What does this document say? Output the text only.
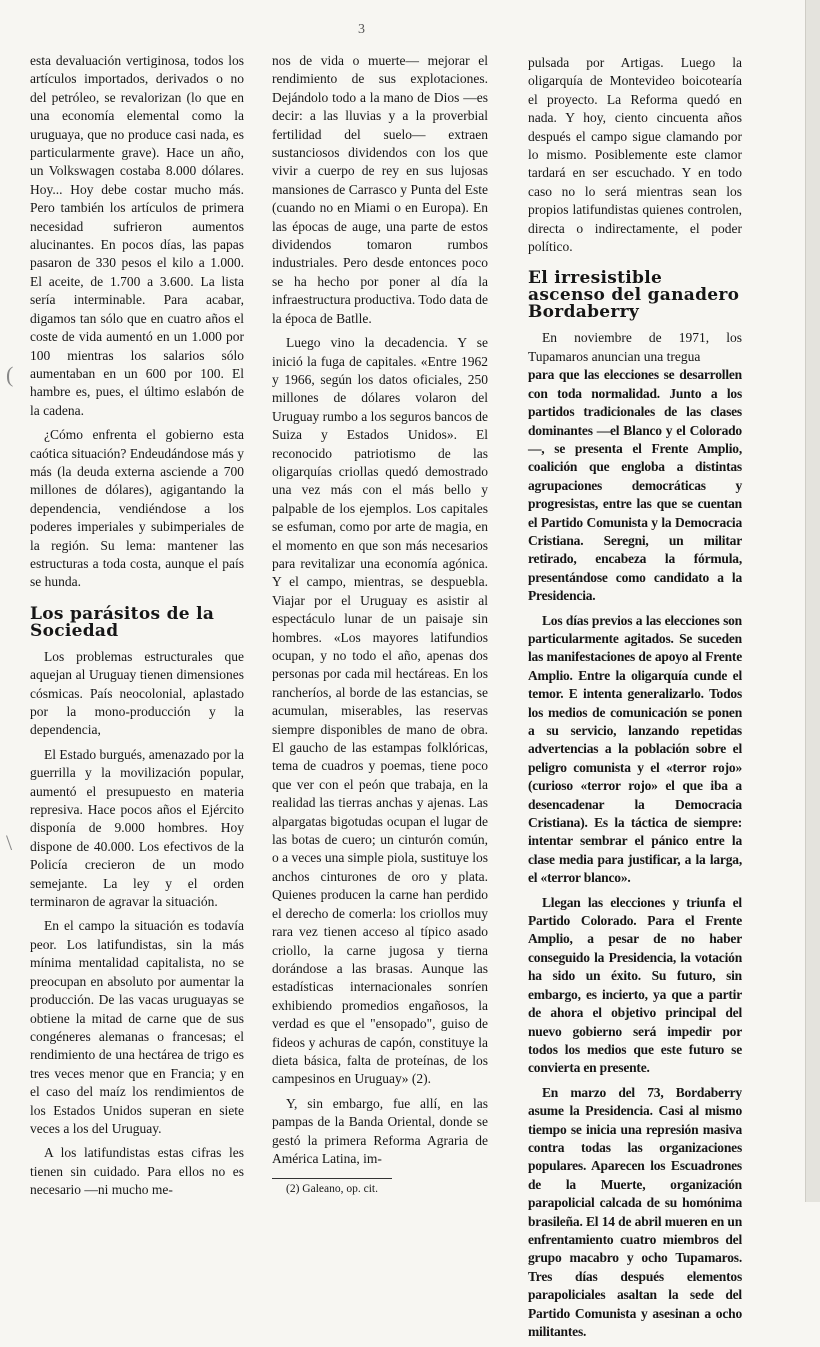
3
(
\

esta devaluación vertiginosa, todos los artículos importados, derivados o no del petróleo, se revalorizan (lo que en una economía elemental como la uruguaya, que no produce casi nada, es particularmente grave). Hace un año, un Volkswagen costaba 8.000 dólares. Hoy... Hoy debe costar mucho más. Pero también los artículos de primera necesidad sufrieron aumentos alucinantes. En pocos días, las papas pasaron de 330 pesos el kilo a 1.000. El aceite, de 1.700 a 3.600. La lista sería interminable. Para acabar, digamos tan sólo que en cuatro años el coste de vida aumentó en un 1.000 por 100 mientras los salarios sólo aumentaban en un 600 por 100. El hambre es, pues, el último eslabón de la cadena.

¿Cómo enfrenta el gobierno esta caótica situación? Endeudándose más y más (la deuda externa asciende a 700 millones de dólares), agigantando la dependencia, vendiéndose a los poderes imperiales y subimperiales de la región. Su lema: mantener las estructuras a toda costa, aunque el país se hunda.

Los parásitos de la Sociedad

Los problemas estructurales que aquejan al Uruguay tienen dimensiones cósmicas. País neocolonial, aplastado por la mono-producción y la dependencia,

El Estado burgués, amenazado por la guerrilla y la movilización popular, aumentó el presupuesto en materia represiva. Hace pocos años el Ejército disponía de 9.000 hombres. Hoy dispone de 40.000. Los efectivos de la Policía crecieron de un modo semejante. La ley y el orden terminaron de agravar la situación.

En el campo la situación es todavía peor. Los latifundistas, sin la más mínima mentalidad capitalista, no se preocupan en absoluto por aumentar la producción. De las vacas uruguayas se obtiene la mitad de carne que de sus congéneres alemanas o francesas; el rendimiento de una hectárea de trigo es tres veces menor que en Francia; y en el caso del maíz los rendimientos de los Estados Unidos superan en siete veces a los del Uruguay.

A los latifundistas estas cifras les tienen sin cuidado. Para ellos no es necesario —ni mucho me-

nos de vida o muerte— mejorar el rendimiento de sus explotaciones. Dejándolo todo a la mano de Dios —es decir: a las lluvias y a la proverbial fertilidad del suelo— extraen sustanciosos dividendos con los que vivir a cuerpo de rey en sus lujosas mansiones de Carrasco y Punta del Este (cuando no en Miami o en Europa). En las épocas de auge, una parte de estos dividendos tomaron rumbos industriales. Pero desde entonces poco se ha hecho por poner al día la infraestructura productiva. Todo data de la época de Batlle.

Luego vino la decadencia. Y se inició la fuga de capitales. «Entre 1962 y 1966, según los datos oficiales, 250 millones de dólares volaron del Uruguay rumbo a los seguros bancos de Suiza y Estados Unidos». El reconocido patriotismo de las oligarquías criollas quedó demostrado una vez más con el más bello y palpable de los ejemplos. Los capitales se esfuman, como por arte de magia, en el momento en que son más necesarios para revitalizar una economía agónica. Y el campo, mientras, se despuebla. Viajar por el Uruguay es asistir al espectáculo lunar de un paisaje sin hombres. «Los mayores latifundios ocupan, y no todo el año, apenas dos personas por cada mil hectáreas. En los rancheríos, al borde de las estancias, se acumulan, miserables, las reservas siempre disponibles de mano de obra. El gaucho de las estampas folklóricas, tema de cuadros y poemas, tiene poco que ver con el peón que trabaja, en la realidad las tierras anchas y ajenas. Las alpargatas bigotudas ocupan el lugar de las botas de cuero; un cinturón común, o a veces una simple piola, sustituye los anchos cinturones de oro y plata. Quienes producen la carne han perdido el derecho de comerla: los criollos muy rara vez tienen acceso al típico asado criollo, la carne jugosa y tierna dorándose a las brasas. Aunque las estadísticas internacionales sonríen exhibiendo promedios engañosos, la verdad es que el "ensopado", guiso de fideos y achuras de capón, constituye la dieta básica, falta de proteínas, de los campesinos en Uruguay» (2).

Y, sin embargo, fue allí, en las pampas de la Banda Oriental, donde se gestó la primera Reforma Agraria de América Latina, im-

(2) Galeano, op. cit.

pulsada por Artigas. Luego la oligarquía de Montevideo boicotearía el proyecto. La Reforma quedó en nada. Y hoy, ciento cincuenta años después el campo sigue clamando por lo mismo. Posiblemente este clamor tardará en ser escuchado. Y en todo caso no lo será mientras sean los propios latifundistas quienes controlen, directa o indirectamente, el poder político.

El irresistible ascenso del ganadero Bordaberry

En noviembre de 1971, los Tupamaros anuncian una tregua

para que las elecciones se desarrollen con toda normalidad. Junto a los partidos tradicionales de las clases dominantes —el Blanco y el Colorado—, se presenta el Frente Amplio, coalición que engloba a distintas agrupaciones democráticas y progresistas, entre las que se cuentan el Partido Comunista y la Democracia Cristiana. Seregni, un militar retirado, encabeza la fórmula, presentándose como candidato a la Presidencia.

Los días previos a las elecciones son particularmente agitados. Se suceden las manifestaciones de apoyo al Frente Amplio. Entre la oligarquía cunde el temor. E intenta generalizarlo. Todos los medios de comunicación se ponen a su servicio, lanzando repetidas advertencias a la población sobre el peligro comunista y el «terror rojo» (curioso «terror rojo» el que iba a desencadenar la Democracia Cristiana). Es la táctica de siempre: intentar sembrar el pánico entre la clase media para justificar, a la larga, el «terror blanco».

Llegan las elecciones y triunfa el Partido Colorado. Para el Frente Amplio, a pesar de no haber conseguido la Presidencia, la votación ha sido un éxito. Su futuro, sin embargo, es incierto, ya que a partir de ahora el objetivo principal del nuevo gobierno será impedir por todos los medios que este futuro se convierta en presente.

En marzo del 73, Bordaberry asume la Presidencia. Casi al mismo tiempo se inicia una represión masiva contra todas las organizaciones populares. Aparecen los Escuadrones de la Muerte, organización parapolicial calcada de su homónima brasileña. El 14 de abril mueren en un enfrentamiento cuatro miembros del grupo macabro y ocho Tupamaros. Tres días después elementos parapoliciales asaltan la sede del Partido Comunista y asesinan a ocho militantes.
